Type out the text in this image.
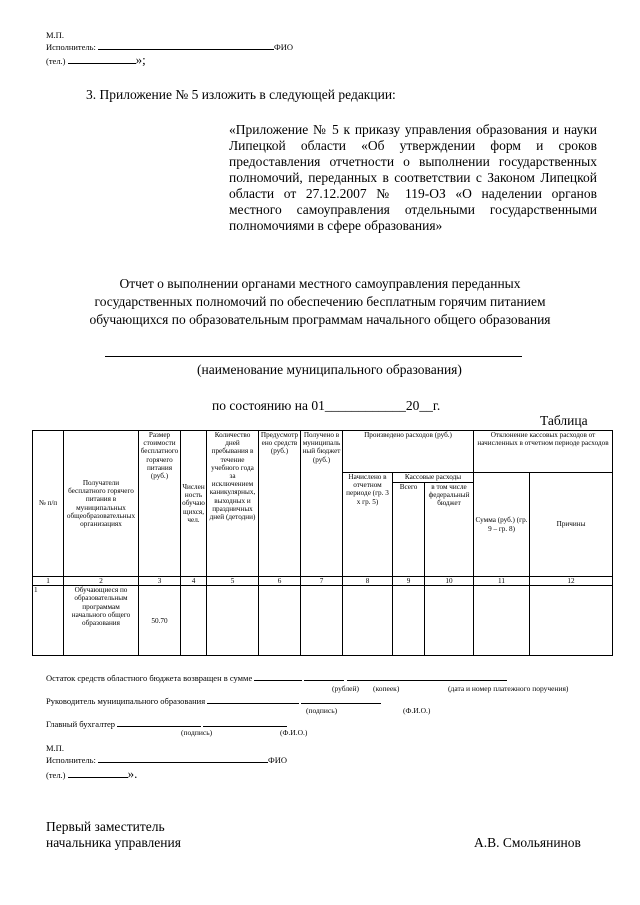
М.П.
Исполнитель:	ФИО
(тел.)	»;
3. Приложение № 5 изложить в следующей редакции:
«Приложение № 5 к приказу управления образования и науки Липецкой области «Об утверждении форм и сроков предоставления отчетности о выполнении государственных полномочий, переданных в соответствии с Законом Липецкой области от 27.12.2007 № 119-ОЗ «О наделении органов местного самоуправления отдельными государственными полномочиями в сфере образования»
Отчет о выполнении органами местного самоуправления переданных
государственных полномочий по обеспечению бесплатным горячим питанием
обучающихся по образовательным программам начального общего образования
(наименование муниципального образования)
по состоянию на 01____________20__г.
Таблица
№ п/п	Получатели бесплатного горячего питания в муниципальных общеобразовательных организациях	Размер стоимости бесплатного горячего питания (руб.)	Численность обучающихся, чел.	Количество дней пребывания в течение учебного года за исключением каникулярных, выходных и праздничных дней (детодни)	Предусмотрено средств (руб.)	Получено в муниципальный бюджет (руб.)	Произведено расходов (руб.)			Отклонение кассовых расходов от начисленных в отчетном периоде расходов	
							Начислено в отчетном периоде (гр. 3 х гр. 5)	Кассовые расходы		Сумма (руб.) (гр. 9 – гр. 8)	Причины
								Всего	в том числе федеральный бюджет		
1	2	3	4	5	6	7	8	9	10	11	12
1	Обучающиеся по образовательным программам начального общего образования	50.70									
Остаток средств областного бюджета возвращен в сумме
(рублей) (копеек)	(дата и номер платежного поручения)
Руководитель муниципального образования
(подпись)	(Ф.И.О.)
Главный бухгалтер
(подпись)	(Ф.И.О.)
М.П.
Исполнитель:	ФИО
(тел.)	».
Первый заместитель
начальника управления	А.В. Смольянинов
